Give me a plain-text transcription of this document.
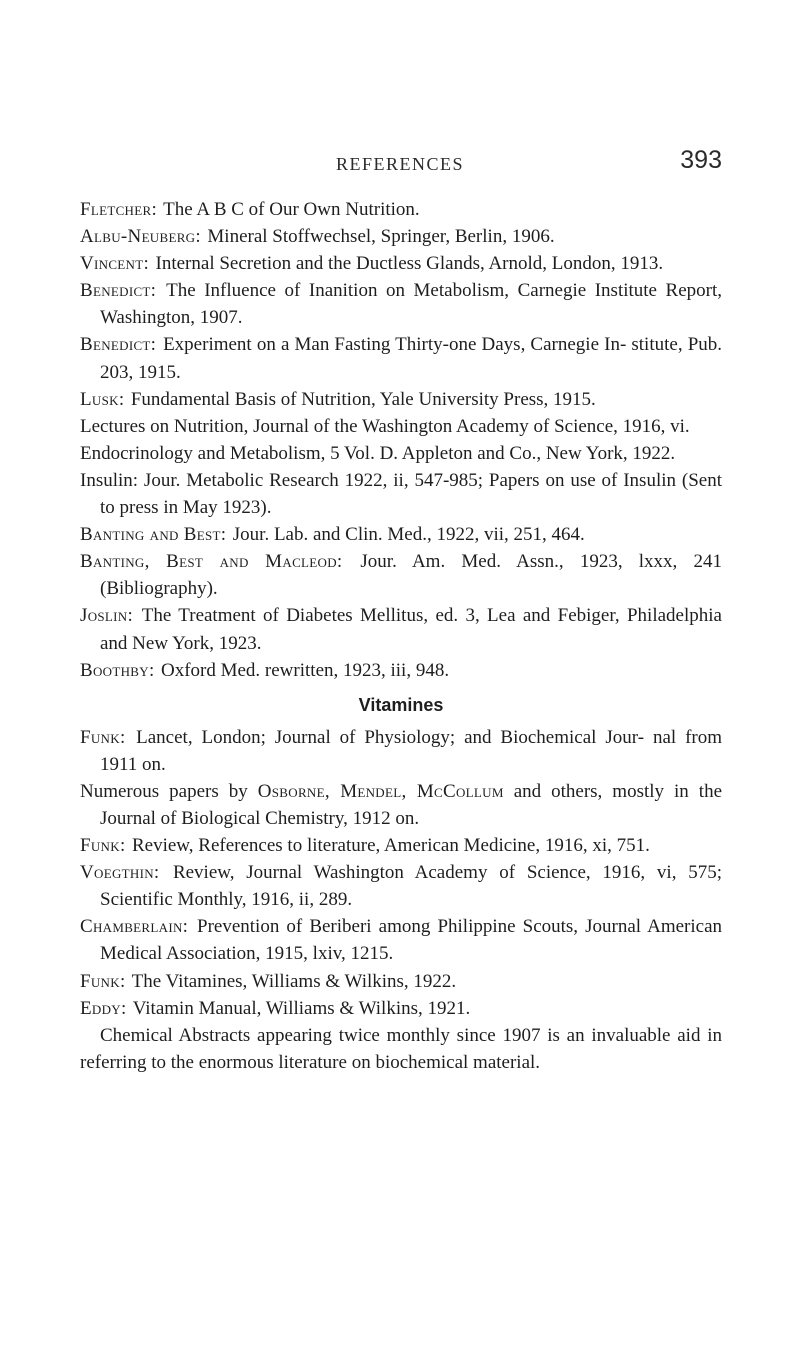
REFERENCES	393

Fletcher: The A B C of Our Own Nutrition.

Albu-Neuberg: Mineral Stoffwechsel, Springer, Berlin, 1906.

Vincent: Internal Secretion and the Ductless Glands, Arnold, London, 1913.

Benedict: The Influence of Inanition on Metabolism, Carnegie Institute Report, Washington, 1907.

Benedict: Experiment on a Man Fasting Thirty-one Days, Carnegie In- stitute, Pub. 203, 1915.

Lusk: Fundamental Basis of Nutrition, Yale University Press, 1915.

Lectures on Nutrition, Journal of the Washington Academy of Science, 1916, vi.

Endocrinology and Metabolism, 5 Vol. D. Appleton and Co., New York, 1922.

Insulin: Jour. Metabolic Research 1922, ii, 547-985; Papers on use of Insulin (Sent to press in May 1923).

Banting and Best: Jour. Lab. and Clin. Med., 1922, vii, 251, 464.

Banting, Best and Macleod: Jour. Am. Med. Assn., 1923, lxxx, 241 (Bibliography).

Joslin: The Treatment of Diabetes Mellitus, ed. 3, Lea and Febiger, Philadelphia and New York, 1923.

Boothby: Oxford Med. rewritten, 1923, iii, 948.

Vitamines

Funk: Lancet, London; Journal of Physiology; and Biochemical Jour- nal from 1911 on.

Numerous papers by Osborne, Mendel, McCollum and others, mostly in the Journal of Biological Chemistry, 1912 on.

Funk: Review, References to literature, American Medicine, 1916, xi, 751.

Voegthin: Review, Journal Washington Academy of Science, 1916, vi, 575; Scientific Monthly, 1916, ii, 289.

Chamberlain: Prevention of Beriberi among Philippine Scouts, Journal American Medical Association, 1915, lxiv, 1215.

Funk: The Vitamines, Williams & Wilkins, 1922.

Eddy: Vitamin Manual, Williams & Wilkins, 1921.

Chemical Abstracts appearing twice monthly since 1907 is an invaluable aid in referring to the enormous literature on biochemical material.
